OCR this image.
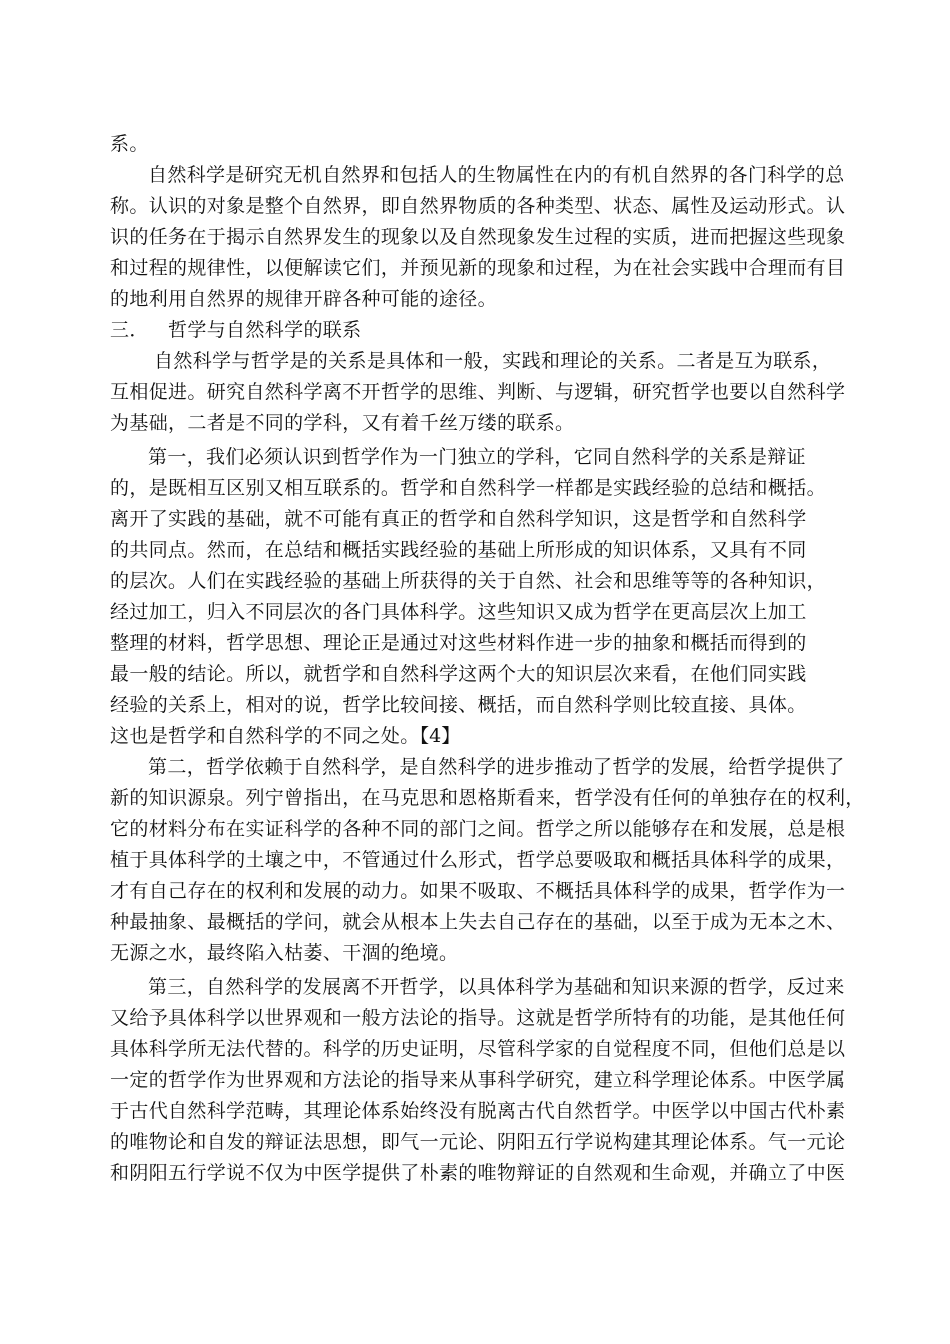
系。
自然科学是研究无机自然界和包括人的生物属性在内的有机自然界的各门科学的总
称。认识的对象是整个自然界，即自然界物质的各种类型、状态、属性及运动形式。认
识的任务在于揭示自然界发生的现象以及自然现象发生过程的实质，进而把握这些现象
和过程的规律性，以便解读它们，并预见新的现象和过程，为在社会实践中合理而有目
的地利用自然界的规律开辟各种可能的途径。
三． 哲学与自然科学的联系
自然科学与哲学是的关系是具体和一般，实践和理论的关系。二者是互为联系，
互相促进。研究自然科学离不开哲学的思维、判断、与逻辑，研究哲学也要以自然科学
为基础，二者是不同的学科，又有着千丝万缕的联系。
第一，我们必须认识到哲学作为一门独立的学科，它同自然科学的关系是辩证
的，是既相互区别又相互联系的。哲学和自然科学一样都是实践经验的总结和概括。
离开了实践的基础，就不可能有真正的哲学和自然科学知识，这是哲学和自然科学
的共同点。然而，在总结和概括实践经验的基础上所形成的知识体系，又具有不同
的层次。人们在实践经验的基础上所获得的关于自然、社会和思维等等的各种知识，
经过加工，归入不同层次的各门具体科学。这些知识又成为哲学在更高层次上加工
整理的材料，哲学思想、理论正是通过对这些材料作进一步的抽象和概括而得到的
最一般的结论。所以，就哲学和自然科学这两个大的知识层次来看，在他们同实践
经验的关系上，相对的说，哲学比较间接、概括，而自然科学则比较直接、具体。
这也是哲学和自然科学的不同之处。【4】
第二，哲学依赖于自然科学，是自然科学的进步推动了哲学的发展，给哲学提供了
新的知识源泉。列宁曾指出，在马克思和恩格斯看来，哲学没有任何的单独存在的权利，
它的材料分布在实证科学的各种不同的部门之间。哲学之所以能够存在和发展，总是根
植于具体科学的土壤之中，不管通过什么形式，哲学总要吸取和概括具体科学的成果，
才有自己存在的权利和发展的动力。如果不吸取、不概括具体科学的成果，哲学作为一
种最抽象、最概括的学问，就会从根本上失去自己存在的基础，以至于成为无本之木、
无源之水，最终陷入枯萎、干涸的绝境。
第三，自然科学的发展离不开哲学，以具体科学为基础和知识来源的哲学，反过来
又给予具体科学以世界观和一般方法论的指导。这就是哲学所特有的功能，是其他任何
具体科学所无法代替的。科学的历史证明，尽管科学家的自觉程度不同，但他们总是以
一定的哲学作为世界观和方法论的指导来从事科学研究，建立科学理论体系。中医学属
于古代自然科学范畴，其理论体系始终没有脱离古代自然哲学。中医学以中国古代朴素
的唯物论和自发的辩证法思想，即气一元论、阴阳五行学说构建其理论体系。气一元论
和阴阳五行学说不仅为中医学提供了朴素的唯物辩证的自然观和生命观，并确立了中医
